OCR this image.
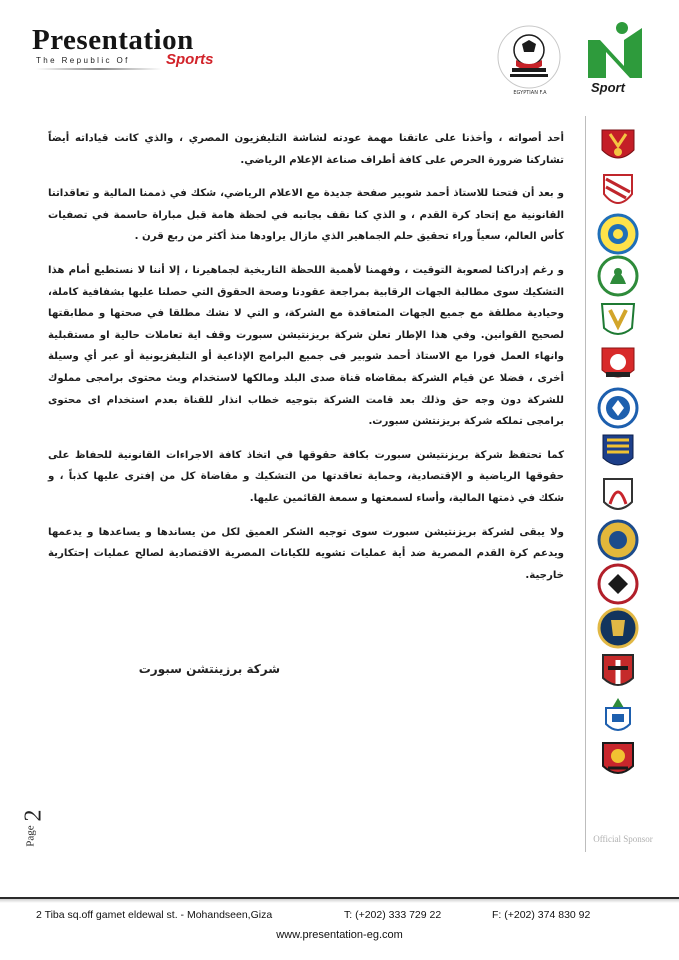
Presentation
The Republic Of Sports
EGYPTIAN F.A	Sport
Official Sponsor

أحد أصواته ، وأخذنا على عاتقنا مهمة عودته لشاشة التليفزيون المصري ، والذي كانت قياداته أيضاً تشاركنا ضرورة الحرص على كافة أطراف صناعة الإعلام الرياضي.

و بعد أن فتحنا للاستاذ أحمد شوبير صفحة جديدة مع الاعلام الرياضي، شكك في ذممنا المالية و تعاقداتنا القانونية مع إتحاد كرة القدم ، و الذي كنا نقف بجانبه في لحظة هامة قبل مباراة حاسمة في تصفيات كأس العالم، سعياً وراء تحقيق حلم الجماهير الذي مازال يراودها منذ أكثر من ربع قرن .

و رغم إدراكنا لصعوبة التوقيت ، وفهمنا لأهمية اللحظة التاريخية لجماهيرنا ، إلا أننا لا نستطيع أمام هذا التشكيك سوى مطالبة الجهات الرقابية بمراجعة عقودنا وصحة الحقوق التي حصلنا عليها بشفافية كاملة، وحيادية مطلقة مع جميع الجهات المتعاقدة مع الشركة، و التي لا نشك مطلقا في صحتها و مطابقتها لصحيح القوانين. وفي هذا الإطار تعلن شركة بريزنتيشن سبورت وقف اية تعاملات حالية او مستقبلية وانهاء العمل فورا مع الاستاذ أحمد شوبير فى جميع البرامج الإذاعية أو التليفزيونية أو عبر أي وسيلة أخرى ، فضلا عن قيام الشركة بمقاضاه قناة صدى البلد ومالكها لاستخدام وبث محتوى برامجى مملوك للشركة دون وجه حق وذلك بعد قامت الشركة بتوجيه خطاب انذار للقناة بعدم استخدام اى محتوى برامجى تملكه شركة بريزنتشن سبورت.

كما تحتفظ شركة بريزنتيشن سبورت بكافة حقوقها في اتخاذ كافة الاجراءات القانونية للحفاظ على حقوقها الرياضية و الإقتصادية، وحماية تعاقدتها من التشكيك و مقاضاة كل من إفترى عليها كذباً ، و شكك في ذمتها المالية، وأساء لسمعتها و سمعة القائمين عليها.

ولا يبقى لشركة بريزنتيشن سبورت سوى توجيه الشكر العميق لكل من يساندها و يساعدها و يدعمها ويدعم كرة القدم المصرية ضد أية عمليات تشويه للكيانات المصرية الاقتصادية لصالح عمليات إحتكارية خارجية.

شركة برزينتشن سبورت
2
Page
2 Tiba sq.off gamet eldewal st. - Mohandseen,Giza	T: (+202) 333 729 22	F: (+202) 374 830 92
www.presentation-eg.com
